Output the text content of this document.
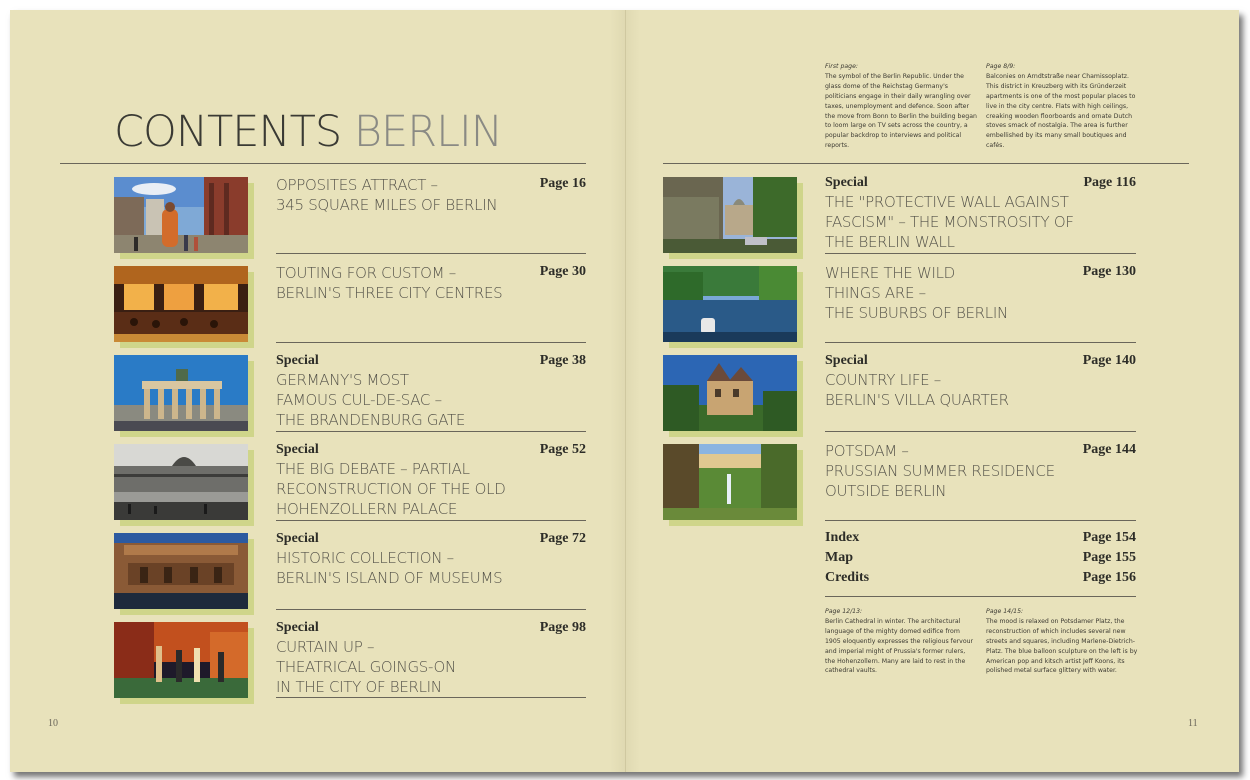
CONTENTS BERLIN
OPPOSITES ATTRACT –
345 SQUARE MILES OF BERLIN
Page 16
TOUTING FOR CUSTOM –
BERLIN'S THREE CITY CENTRES
Page 30
Special
GERMANY'S MOST
FAMOUS CUL-DE-SAC –
THE BRANDENBURG GATE
Page 38
Special
THE BIG DEBATE – PARTIAL
RECONSTRUCTION OF THE OLD
HOHENZOLLERN PALACE
Page 52
Special
HISTORIC COLLECTION –
BERLIN'S ISLAND OF MUSEUMS
Page 72
Special
CURTAIN UP –
THEATRICAL GOINGS-ON
IN THE CITY OF BERLIN
Page 98
10
First page:
The symbol of the Berlin Republic. Under the glass dome of the Reichstag Germany's politicians engage in their daily wrangling over taxes, unemployment and defence. Soon after the move from Bonn to Berlin the building began to loom large on TV sets across the country, a popular backdrop to interviews and political reports.
Page 8/9:
Balconies on Arndtstraße near Chamissoplatz. This district in Kreuzberg with its Gründerzeit apartments is one of the most popular places to live in the city centre. Flats with high ceilings, creaking wooden floorboards and ornate Dutch stoves smack of nostalgia. The area is further embellished by its many small boutiques and cafés.
Special
THE "PROTECTIVE WALL AGAINST
FASCISM" – THE MONSTROSITY OF
THE BERLIN WALL
Page 116
WHERE THE WILD
THINGS ARE –
THE SUBURBS OF BERLIN
Page 130
Special
COUNTRY LIFE –
BERLIN'S VILLA QUARTER
Page 140
POTSDAM –
PRUSSIAN SUMMER RESIDENCE
OUTSIDE BERLIN
Page 144
Index	Page 154
Map	Page 155
Credits	Page 156
Page 12/13:
Berlin Cathedral in winter. The architectural language of the mighty domed edifice from 1905 eloquently expresses the religious fervour and imperial might of Prussia's former rulers, the Hohenzollern. Many are laid to rest in the cathedral vaults.
Page 14/15:
The mood is relaxed on Potsdamer Platz, the reconstruction of which includes several new streets and squares, including Marlene-Dietrich-Platz. The blue balloon sculpture on the left is by American pop and kitsch artist Jeff Koons, its polished metal surface glittery with water.
11
